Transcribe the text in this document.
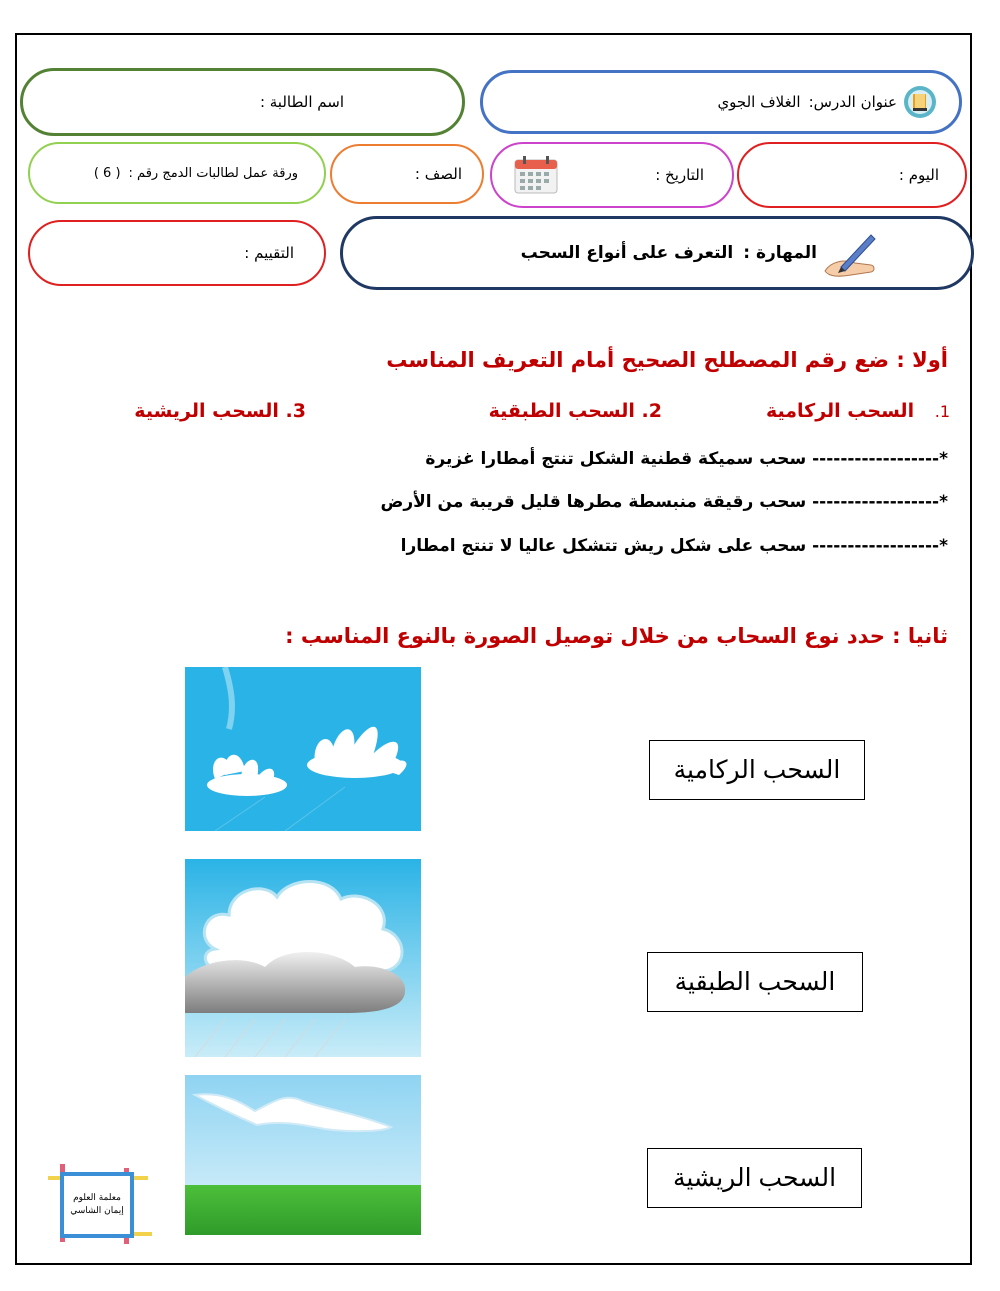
اسم الطالبة :	عنوان الدرس:
الغلاف الجوي
ورقة عمل لطالبات الدمج رقم :
( 6 )	الصف :	التاريخ :	اليوم :
التقييم :	المهارة :
التعرف على أنواع السحب
أولا : ضع رقم المصطلح الصحيح أمام التعريف المناسب
1. السحب الركامية
2. السحب الطبقية
3. السحب الريشية
*------------------ سحب سميكة قطنية الشكل تنتج أمطارا غزيرة
*------------------ سحب رقيقة منبسطة مطرها قليل قريبة من الأرض
*------------------ سحب على شكل ريش تتشكل عاليا لا تنتج امطارا
ثانيا : حدد نوع السحاب من خلال توصيل الصورة بالنوع المناسب :
السحب الركامية
السحب الطبقية
السحب الريشية
معلمة العلوم
إيمان الشاسي
